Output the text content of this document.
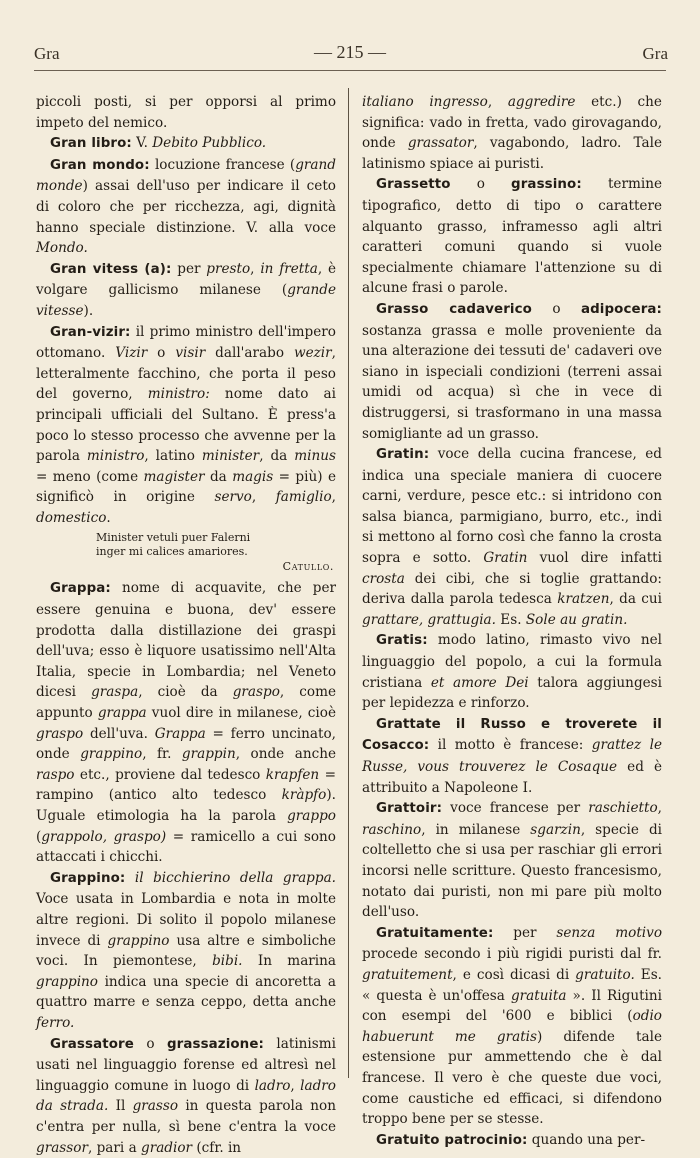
Gra	— 215 —	Gra

piccoli posti, si per opporsi al primo impeto del nemico.

Gran libro: V. Debito Pubblico.

Gran mondo: locuzione francese (grand monde) assai dell'uso per indicare il ceto di coloro che per ricchezza, agi, dignità hanno speciale distinzione. V. alla voce Mondo.

Gran vitess (a): per presto, in fretta, è volgare gallicismo milanese (grande vitesse).

Gran-vizir: il primo ministro dell'impero ottomano. Vizir o visir dall'arabo wezir, letteralmente facchino, che porta il peso del governo, ministro: nome dato ai principali ufficiali del Sultano. È press'a poco lo stesso processo che avvenne per la parola ministro, latino minister, da minus = meno (come magister da magis = più) e significò in origine servo, famiglio, domestico.

Minister vetuli puer Falerni
inger mi calices amariores.
Catullo.

Grappa: nome di acquavite, che per essere genuina e buona, dev' essere prodotta dalla distillazione dei graspi dell'uva; esso è liquore usatissimo nell'Alta Italia, specie in Lombardia; nel Veneto dicesi graspa, cioè da graspo, come appunto grappa vuol dire in milanese, cioè graspo dell'uva. Grappa = ferro uncinato, onde grappino, fr. grappin, onde anche raspo etc., proviene dal tedesco krapfen = rampino (antico alto tedesco kràpfo). Uguale etimologia ha la parola grappo (grappolo, graspo) = ramicello a cui sono attaccati i chicchi.

Grappino: il bicchierino della grappa. Voce usata in Lombardia e nota in molte altre regioni. Di solito il popolo milanese invece di grappino usa altre e simboliche voci. In piemontese, bibi. In marina grappino indica una specie di ancoretta a quattro marre e senza ceppo, detta anche ferro.

Grassatore o grassazione: latinismi usati nel linguaggio forense ed altresì nel linguaggio comune in luogo di ladro, ladro da strada. Il grasso in questa parola non c'entra per nulla, sì bene c'entra la voce grassor, pari a gradior (cfr. in

italiano ingresso, aggredire etc.) che significa: vado in fretta, vado girovagando, onde grassator, vagabondo, ladro. Tale latinismo spiace ai puristi.

Grassetto o grassino: termine tipografico, detto di tipo o carattere alquanto grasso, inframesso agli altri caratteri comuni quando si vuole specialmente chiamare l'attenzione su di alcune frasi o parole.

Grasso cadaverico o adipocera: sostanza grassa e molle proveniente da una alterazione dei tessuti de' cadaveri ove siano in ispeciali condizioni (terreni assai umidi od acqua) sì che in vece di distruggersi, si trasformano in una massa somigliante ad un grasso.

Gratin: voce della cucina francese, ed indica una speciale maniera di cuocere carni, verdure, pesce etc.: si intridono con salsa bianca, parmigiano, burro, etc., indi si mettono al forno così che fanno la crosta sopra e sotto. Gratin vuol dire infatti crosta dei cibi, che si toglie grattando: deriva dalla parola tedesca kratzen, da cui grattare, grattugia. Es. Sole au gratin.

Gratis: modo latino, rimasto vivo nel linguaggio del popolo, a cui la formula cristiana et amore Dei talora aggiungesi per lepidezza e rinforzo.

Grattate il Russo e troverete il Cosacco: il motto è francese: grattez le Russe, vous trouverez le Cosaque ed è attribuito a Napoleone I.

Grattoir: voce francese per raschietto, raschino, in milanese sgarzin, specie di coltelletto che si usa per raschiar gli errori incorsi nelle scritture. Questo francesismo, notato dai puristi, non mi pare più molto dell'uso.

Gratuitamente: per senza motivo procede secondo i più rigidi puristi dal fr. gratuitement, e così dicasi di gratuito. Es. « questa è un'offesa gratuita ». Il Rigutini con esempi del '600 e biblici (odio habuerunt me gratis) difende tale estensione pur ammettendo che è dal francese. Il vero è che queste due voci, come caustiche ed efficaci, si difendono troppo bene per se stesse.

Gratuito patrocinio: quando una per-
